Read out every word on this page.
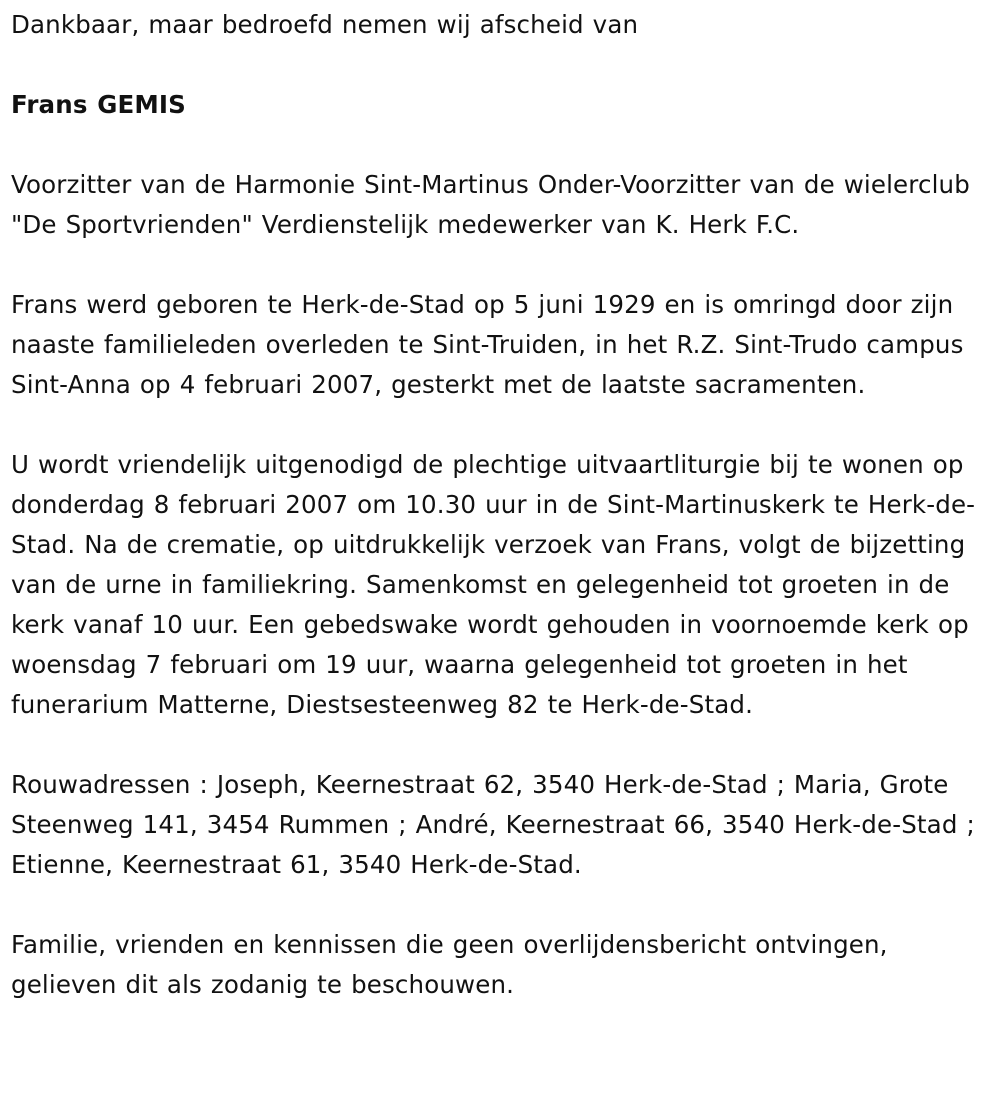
Dankbaar, maar bedroefd nemen wij afscheid van

Frans GEMIS

Voorzitter van de Harmonie Sint-Martinus Onder-Voorzitter van de wielerclub "De Sportvrienden" Verdienstelijk medewerker van K. Herk F.C.

Frans werd geboren te Herk-de-Stad op 5 juni 1929 en is omringd door zijn naaste familieleden overleden te Sint-Truiden, in het R.Z. Sint-Trudo campus Sint-Anna op 4 februari 2007, gesterkt met de laatste sacramenten.

U wordt vriendelijk uitgenodigd de plechtige uitvaartliturgie bij te wonen op donderdag 8 februari 2007 om 10.30 uur in de Sint-Martinuskerk te Herk-de-Stad. Na de crematie, op uitdrukkelijk verzoek van Frans, volgt de bijzetting van de urne in familiekring. Samenkomst en gelegenheid tot groeten in de kerk vanaf 10 uur. Een gebedswake wordt gehouden in voornoemde kerk op woensdag 7 februari om 19 uur, waarna gelegenheid tot groeten in het funerarium Matterne, Diestsesteenweg 82 te Herk-de-Stad.

Rouwadressen : Joseph, Keernestraat 62, 3540 Herk-de-Stad ; Maria, Grote Steenweg 141, 3454 Rummen ; André, Keernestraat 66, 3540 Herk-de-Stad ; Etienne, Keernestraat 61, 3540 Herk-de-Stad.

Familie, vrienden en kennissen die geen overlijdensbericht ontvingen, gelieven dit als zodanig te beschouwen.
